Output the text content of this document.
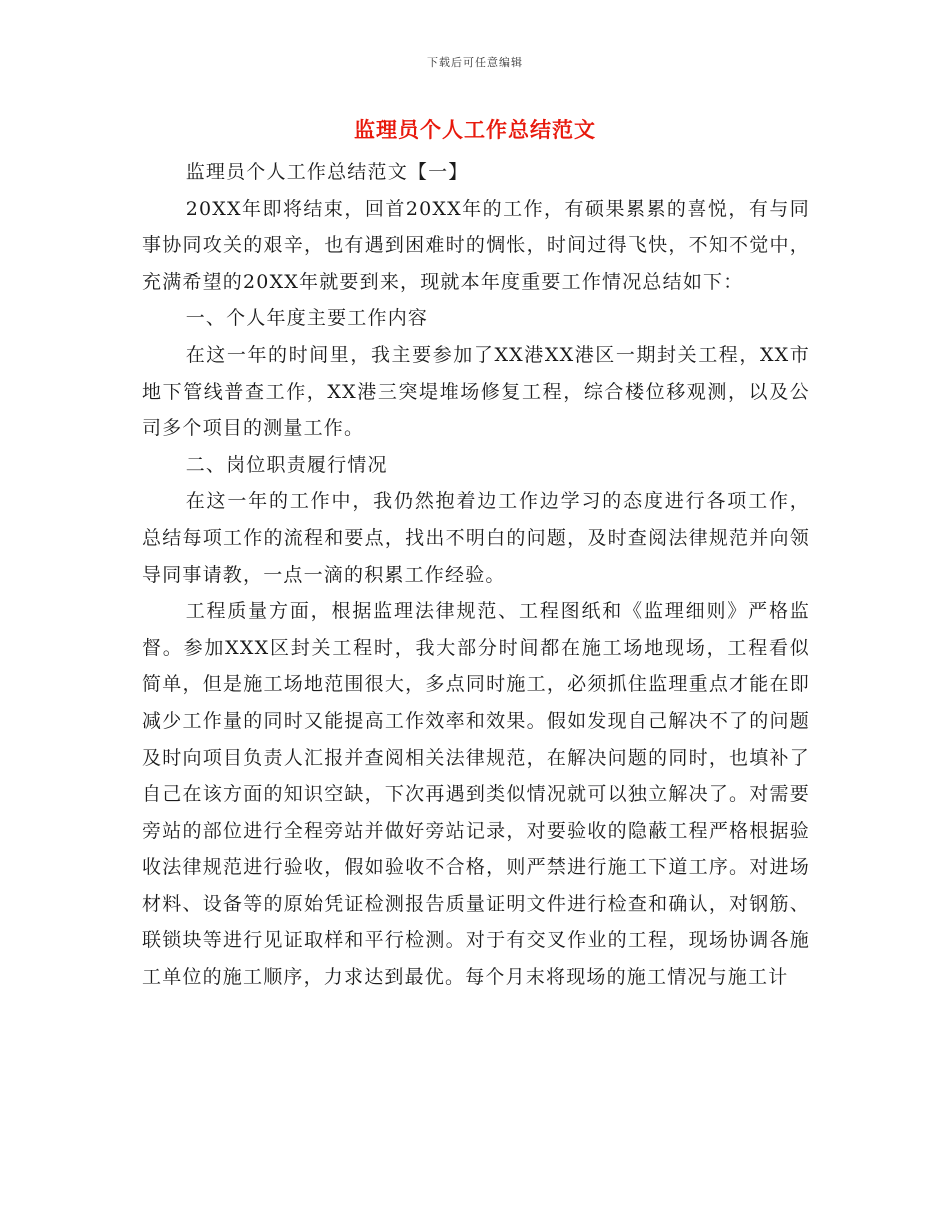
下载后可任意编辑
监理员个人工作总结范文

监理员个人工作总结范文【一】

20XX年即将结束，回首20XX年的工作，有硕果累累的喜悦，有与同事协同攻关的艰辛，也有遇到困难时的惆怅，时间过得飞快，不知不觉中，充满希望的20XX年就要到来，现就本年度重要工作情况总结如下：

一、个人年度主要工作内容

在这一年的时间里，我主要参加了XX港XX港区一期封关工程，XX市地下管线普查工作，XX港三突堤堆场修复工程，综合楼位移观测，以及公司多个项目的测量工作。

二、岗位职责履行情况

在这一年的工作中，我仍然抱着边工作边学习的态度进行各项工作，总结每项工作的流程和要点，找出不明白的问题，及时查阅法律规范并向领导同事请教，一点一滴的积累工作经验。

工程质量方面，根据监理法律规范、工程图纸和《监理细则》严格监督。参加XXX区封关工程时，我大部分时间都在施工场地现场，工程看似简单，但是施工场地范围很大，多点同时施工，必须抓住监理重点才能在即减少工作量的同时又能提高工作效率和效果。假如发现自己解决不了的问题及时向项目负责人汇报并查阅相关法律规范，在解决问题的同时，也填补了自己在该方面的知识空缺，下次再遇到类似情况就可以独立解决了。对需要旁站的部位进行全程旁站并做好旁站记录，对要验收的隐蔽工程严格根据验收法律规范进行验收，假如验收不合格，则严禁进行施工下道工序。对进场材料、设备等的原始凭证检测报告质量证明文件进行检查和确认，对钢筋、联锁块等进行见证取样和平行检测。对于有交叉作业的工程，现场协调各施工单位的施工顺序，力求达到最优。每个月末将现场的施工情况与施工计
